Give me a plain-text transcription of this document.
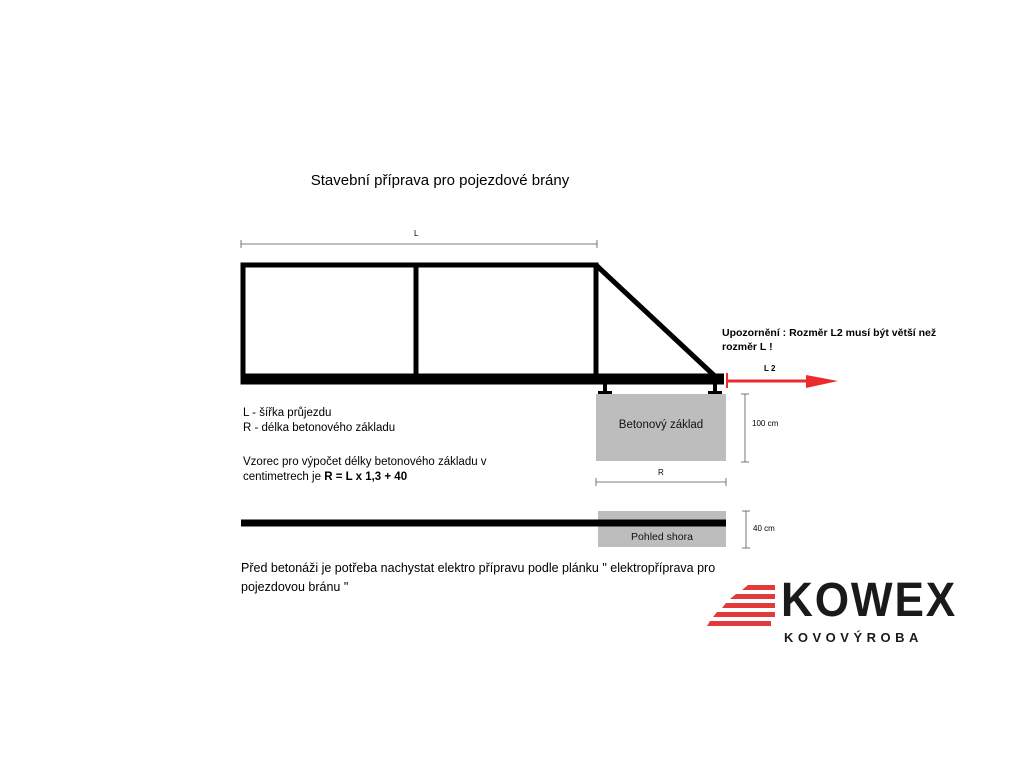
Stavební příprava pro pojezdové brány
L
Betonový základ	100 cm
R
L 2
Pohled shora
40 cm
L - šířka průjezdu
R - délka betonového základu
Vzorec pro výpočet délky betonového základu v centimetrech je R = L x 1,3 + 40
Upozornění : Rozměr L2 musí být větší než rozměr L !
Před betonáži je potřeba nachystat elektro přípravu podle plánku " elektropříprava pro pojezdovou bránu "	KOWEX
KOVOVÝROBA
